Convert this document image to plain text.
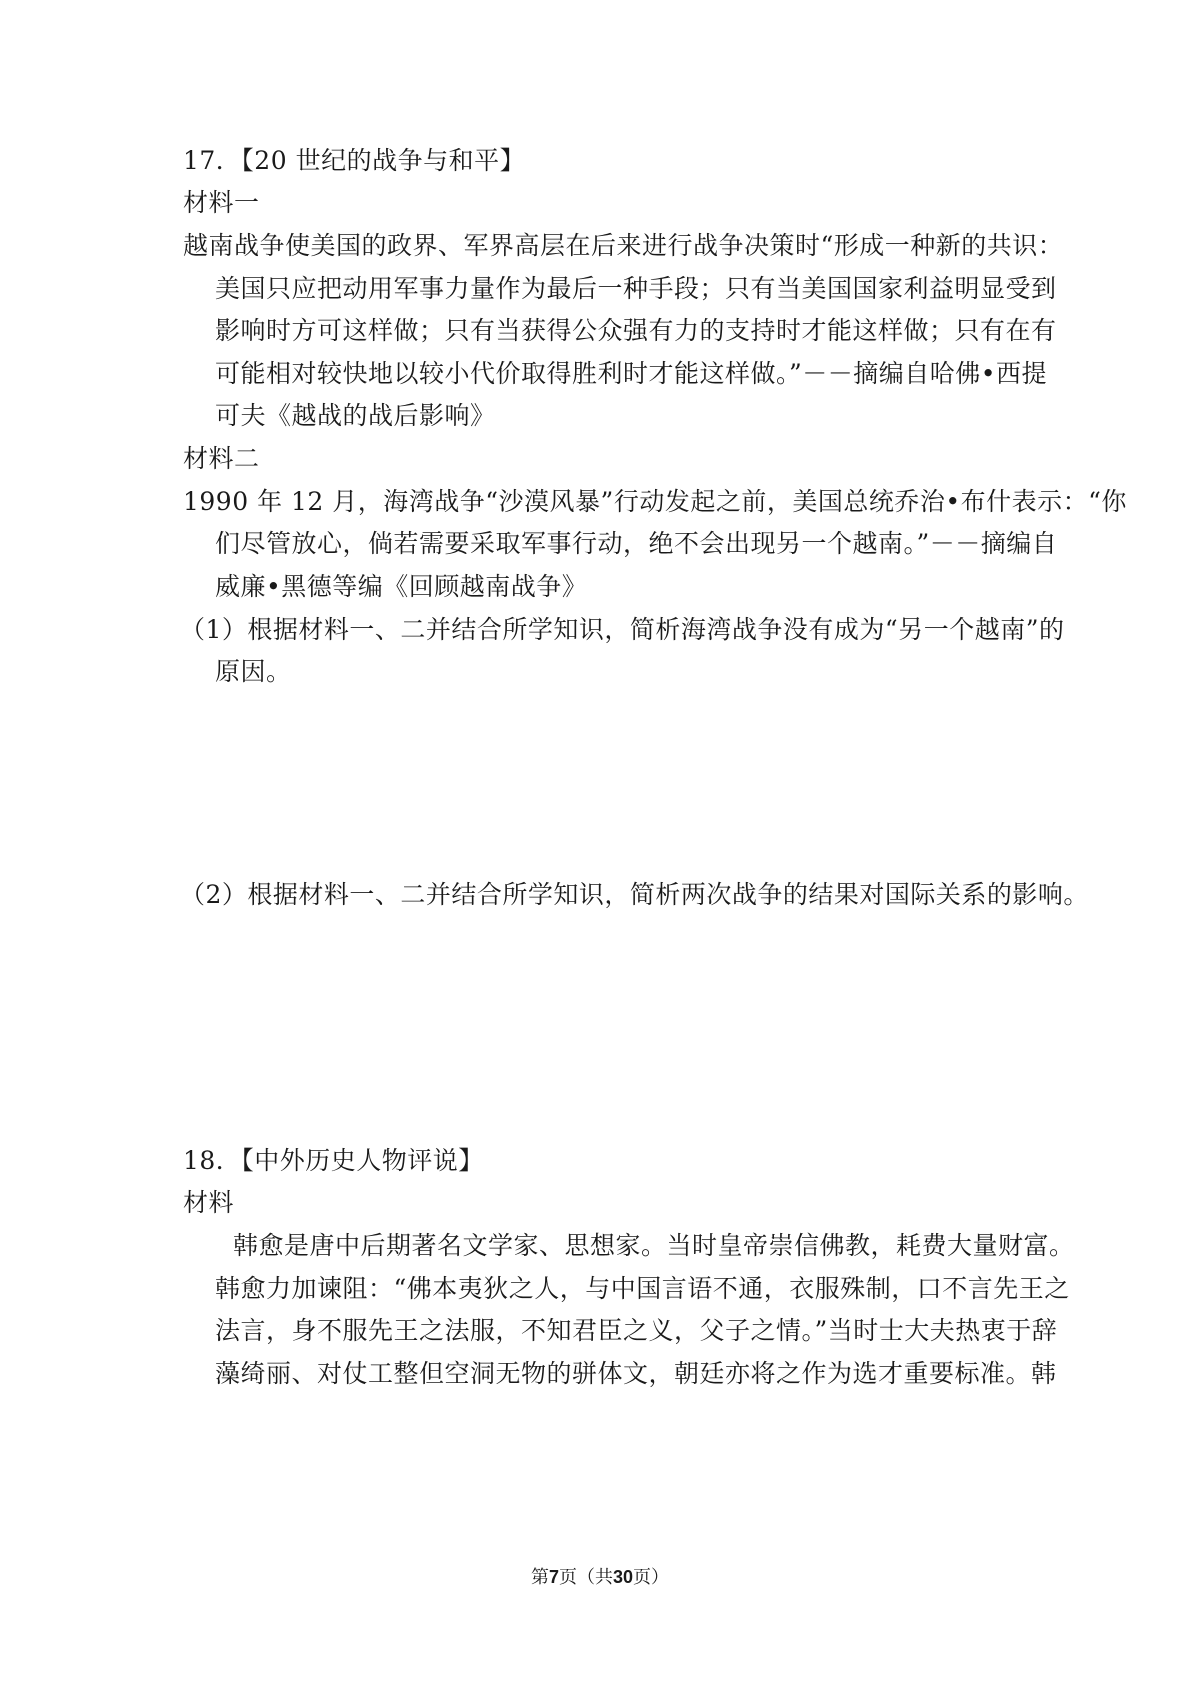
17．【20 世纪的战争与和平】
材料一
越南战争使美国的政界、军界高层在后来进行战争决策时“形成一种新的共识：
美国只应把动用军事力量作为最后一种手段；只有当美国国家利益明显受到
影响时方可这样做；只有当获得公众强有力的支持时才能这样做；只有在有
可能相对较快地以较小代价取得胜利时才能这样做。”－－摘编自哈佛•西提
可夫《越战的战后影响》
材料二
1990 年 12 月，海湾战争“沙漠风暴”行动发起之前，美国总统乔治•布什表示：“你
们尽管放心，倘若需要采取军事行动，绝不会出现另一个越南。”－－摘编自
威廉•黑德等编《回顾越南战争》
（1）根据材料一、二并结合所学知识，简析海湾战争没有成为“另一个越南”的
原因。
（2）根据材料一、二并结合所学知识，简析两次战争的结果对国际关系的影响。
18．【中外历史人物评说】
材料
韩愈是唐中后期著名文学家、思想家。当时皇帝崇信佛教，耗费大量财富。
韩愈力加谏阻：“佛本夷狄之人，与中国言语不通，衣服殊制，口不言先王之
法言，身不服先王之法服，不知君臣之义，父子之情。”当时士大夫热衷于辞
藻绮丽、对仗工整但空洞无物的骈体文，朝廷亦将之作为选才重要标准。韩
第7页（共30页）
